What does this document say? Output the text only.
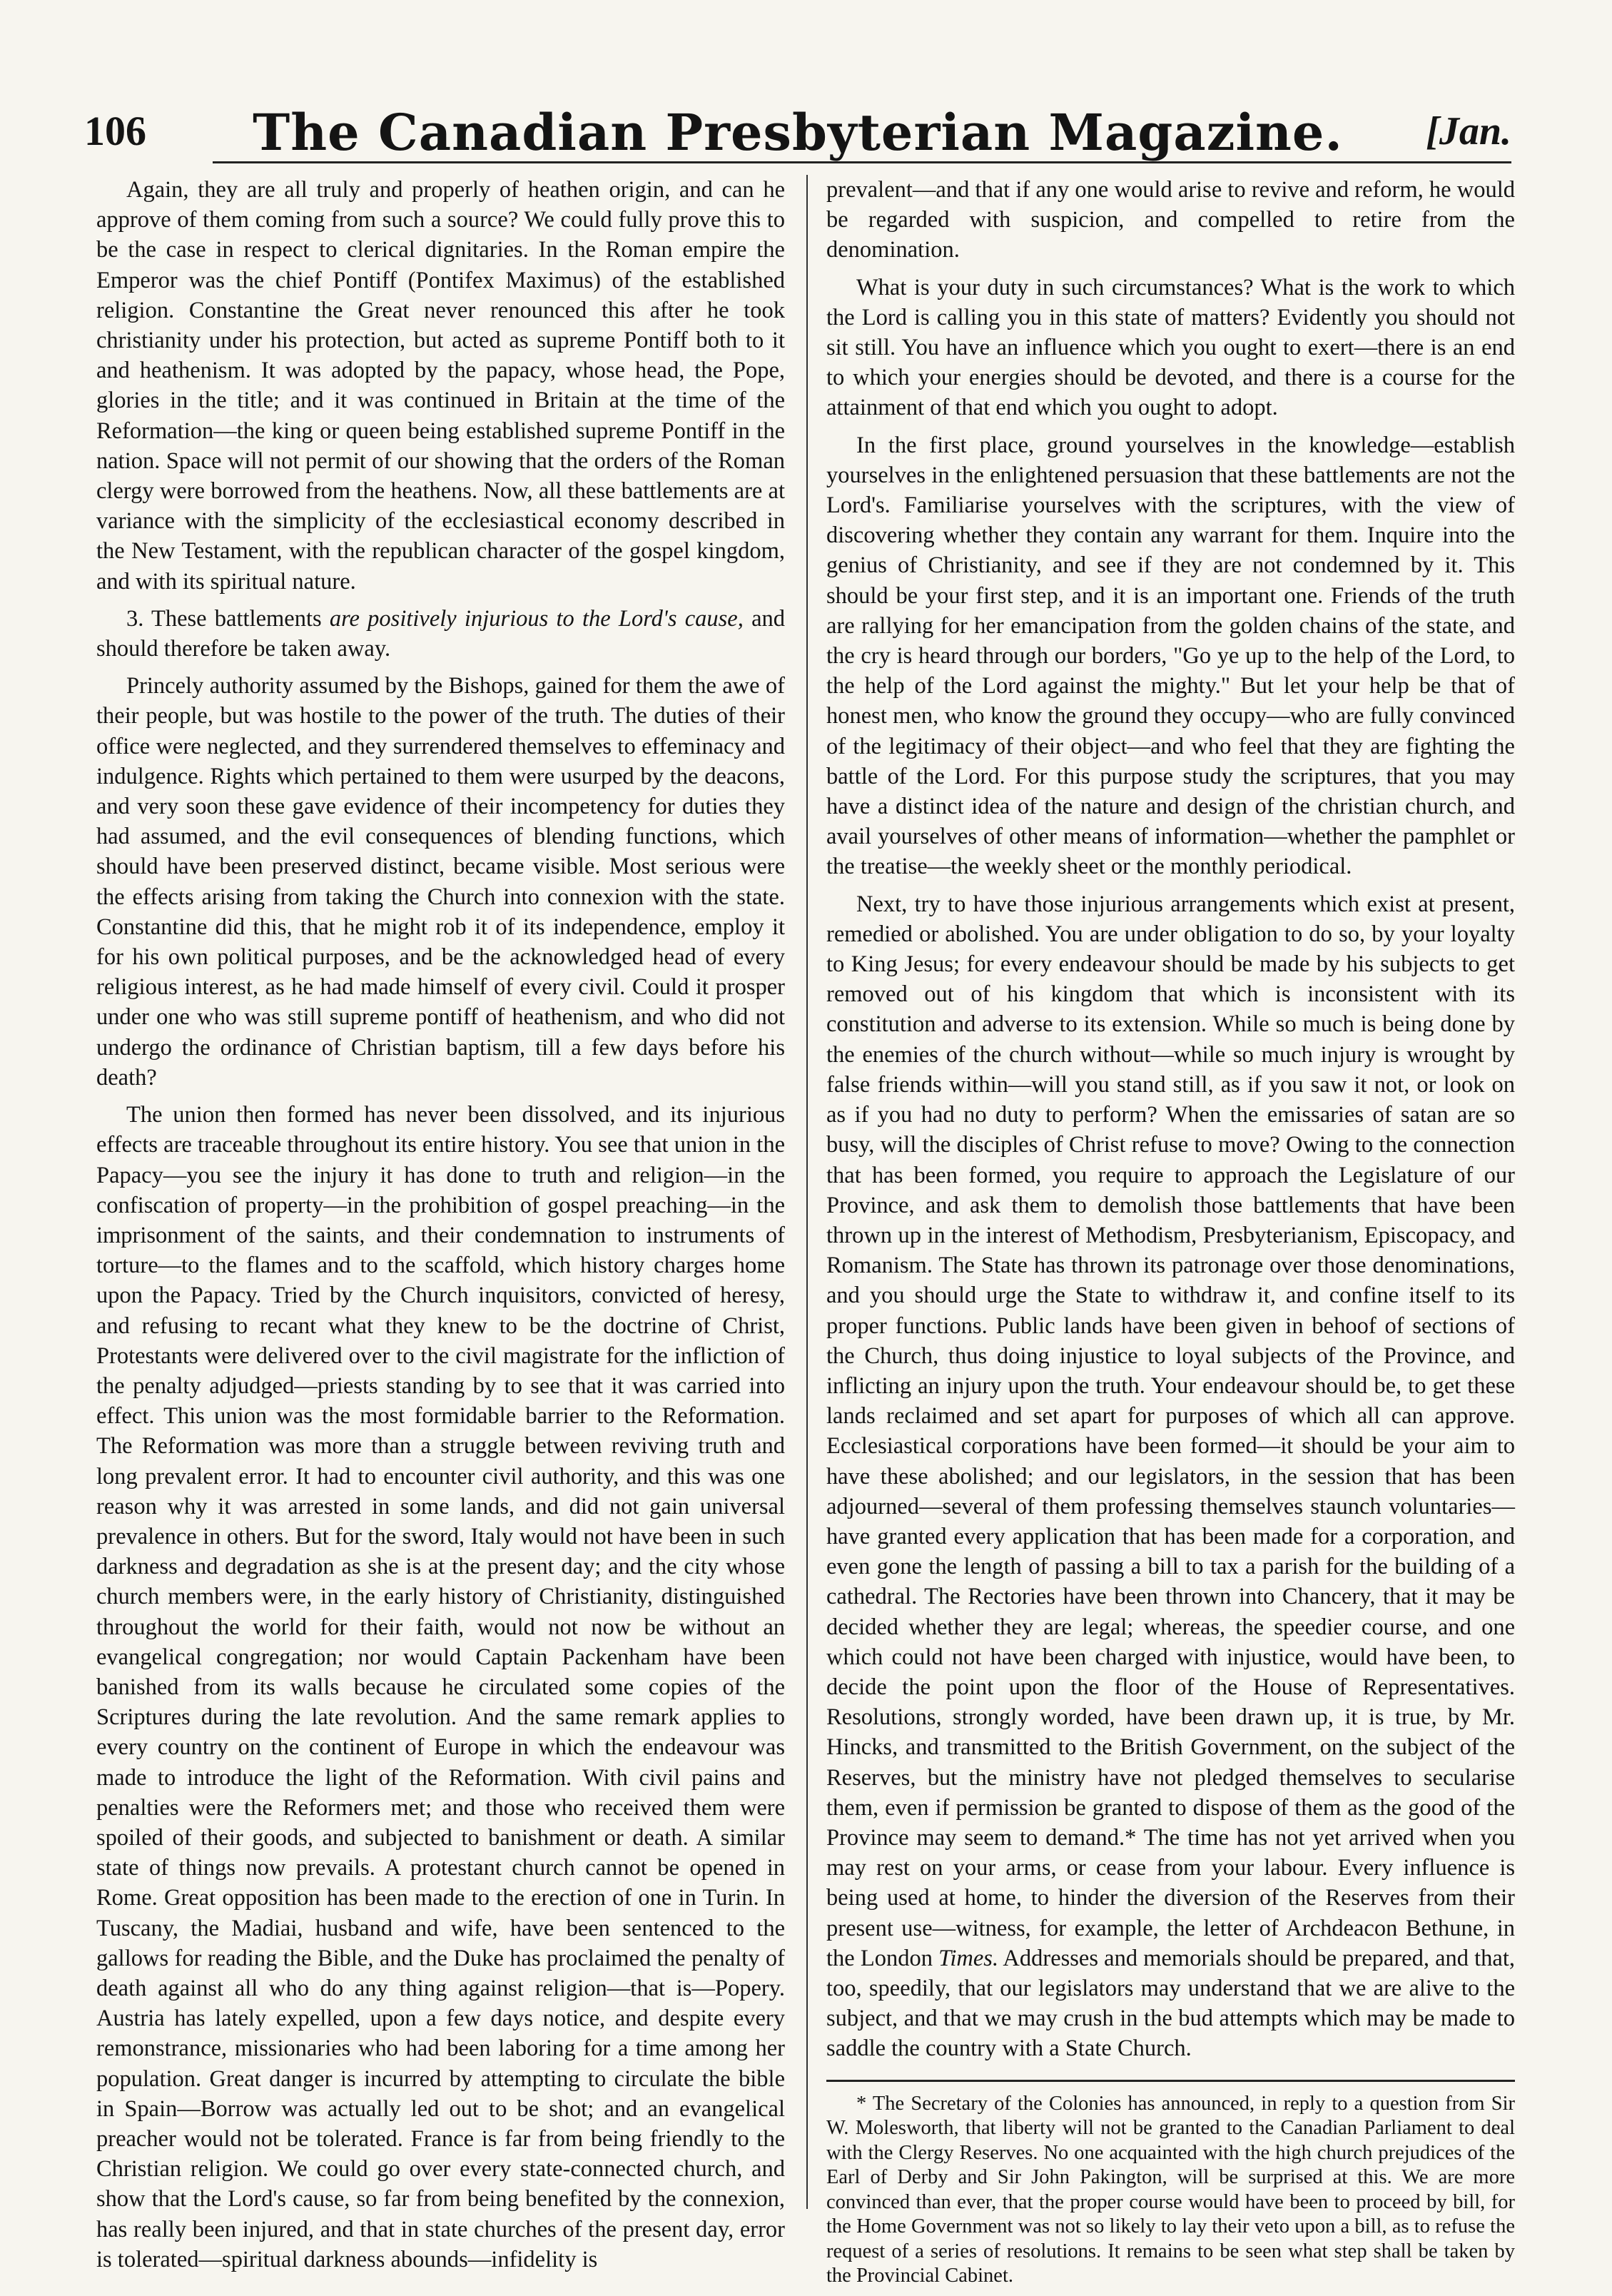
106	The Canadian Presbyterian Magazine.	[Jan.

Again, they are all truly and properly of heathen origin, and can he approve of them coming from such a source? We could fully prove this to be the case in respect to clerical dignitaries. In the Roman empire the Emperor was the chief Pontiff (Pontifex Maximus) of the established religion. Constantine the Great never renounced this after he took christianity under his protection, but acted as supreme Pontiff both to it and heathenism. It was adopted by the papacy, whose head, the Pope, glories in the title; and it was continued in Britain at the time of the Reformation—the king or queen being established supreme Pontiff in the nation. Space will not permit of our showing that the orders of the Roman clergy were borrowed from the heathens. Now, all these battlements are at variance with the simplicity of the ecclesiastical economy described in the New Testament, with the republican character of the gospel kingdom, and with its spiritual nature.

3. These battlements are positively injurious to the Lord's cause, and should therefore be taken away.

Princely authority assumed by the Bishops, gained for them the awe of their people, but was hostile to the power of the truth. The duties of their office were neglected, and they surrendered themselves to effeminacy and indulgence. Rights which pertained to them were usurped by the deacons, and very soon these gave evidence of their incompetency for duties they had assumed, and the evil consequences of blending functions, which should have been preserved distinct, became visible. Most serious were the effects arising from taking the Church into connexion with the state. Constantine did this, that he might rob it of its independence, employ it for his own political purposes, and be the acknowledged head of every religious interest, as he had made himself of every civil. Could it prosper under one who was still supreme pontiff of heathenism, and who did not undergo the ordinance of Christian baptism, till a few days before his death?

The union then formed has never been dissolved, and its injurious effects are traceable throughout its entire history. You see that union in the Papacy—you see the injury it has done to truth and religion—in the confiscation of property—in the prohibition of gospel preaching—in the imprisonment of the saints, and their condemnation to instruments of torture—to the flames and to the scaffold, which history charges home upon the Papacy. Tried by the Church inquisitors, convicted of heresy, and refusing to recant what they knew to be the doctrine of Christ, Protestants were delivered over to the civil magistrate for the infliction of the penalty adjudged—priests standing by to see that it was carried into effect. This union was the most formidable barrier to the Reformation. The Reformation was more than a struggle between reviving truth and long prevalent error. It had to encounter civil authority, and this was one reason why it was arrested in some lands, and did not gain universal prevalence in others. But for the sword, Italy would not have been in such darkness and degradation as she is at the present day; and the city whose church members were, in the early history of Christianity, distinguished throughout the world for their faith, would not now be without an evangelical congregation; nor would Captain Packenham have been banished from its walls because he circulated some copies of the Scriptures during the late revolution. And the same remark applies to every country on the continent of Europe in which the endeavour was made to introduce the light of the Reformation. With civil pains and penalties were the Reformers met; and those who received them were spoiled of their goods, and subjected to banishment or death. A similar state of things now prevails. A protestant church cannot be opened in Rome. Great opposition has been made to the erection of one in Turin. In Tuscany, the Madiai, husband and wife, have been sentenced to the gallows for reading the Bible, and the Duke has proclaimed the penalty of death against all who do any thing against religion—that is—Popery. Austria has lately expelled, upon a few days notice, and despite every remonstrance, missionaries who had been laboring for a time among her population. Great danger is incurred by attempting to circulate the bible in Spain—Borrow was actually led out to be shot; and an evangelical preacher would not be tolerated. France is far from being friendly to the Christian religion. We could go over every state-connected church, and show that the Lord's cause, so far from being benefited by the connexion, has really been injured, and that in state churches of the present day, error is tolerated—spiritual darkness abounds—infidelity is

prevalent—and that if any one would arise to revive and reform, he would be regarded with suspicion, and compelled to retire from the denomination.

What is your duty in such circumstances? What is the work to which the Lord is calling you in this state of matters? Evidently you should not sit still. You have an influence which you ought to exert—there is an end to which your energies should be devoted, and there is a course for the attainment of that end which you ought to adopt.

In the first place, ground yourselves in the knowledge—establish yourselves in the enlightened persuasion that these battlements are not the Lord's. Familiarise yourselves with the scriptures, with the view of discovering whether they contain any warrant for them. Inquire into the genius of Christianity, and see if they are not condemned by it. This should be your first step, and it is an important one. Friends of the truth are rallying for her emancipation from the golden chains of the state, and the cry is heard through our borders, "Go ye up to the help of the Lord, to the help of the Lord against the mighty." But let your help be that of honest men, who know the ground they occupy—who are fully convinced of the legitimacy of their object—and who feel that they are fighting the battle of the Lord. For this purpose study the scriptures, that you may have a distinct idea of the nature and design of the christian church, and avail yourselves of other means of information—whether the pamphlet or the treatise—the weekly sheet or the monthly periodical.

Next, try to have those injurious arrangements which exist at present, remedied or abolished. You are under obligation to do so, by your loyalty to King Jesus; for every endeavour should be made by his subjects to get removed out of his kingdom that which is inconsistent with its constitution and adverse to its extension. While so much is being done by the enemies of the church without—while so much injury is wrought by false friends within—will you stand still, as if you saw it not, or look on as if you had no duty to perform? When the emissaries of satan are so busy, will the disciples of Christ refuse to move? Owing to the connection that has been formed, you require to approach the Legislature of our Province, and ask them to demolish those battlements that have been thrown up in the interest of Methodism, Presbyterianism, Episcopacy, and Romanism. The State has thrown its patronage over those denominations, and you should urge the State to withdraw it, and confine itself to its proper functions. Public lands have been given in behoof of sections of the Church, thus doing injustice to loyal subjects of the Province, and inflicting an injury upon the truth. Your endeavour should be, to get these lands reclaimed and set apart for purposes of which all can approve. Ecclesiastical corporations have been formed—it should be your aim to have these abolished; and our legislators, in the session that has been adjourned—several of them professing themselves staunch voluntaries—have granted every application that has been made for a corporation, and even gone the length of passing a bill to tax a parish for the building of a cathedral. The Rectories have been thrown into Chancery, that it may be decided whether they are legal; whereas, the speedier course, and one which could not have been charged with injustice, would have been, to decide the point upon the floor of the House of Representatives. Resolutions, strongly worded, have been drawn up, it is true, by Mr. Hincks, and transmitted to the British Government, on the subject of the Reserves, but the ministry have not pledged themselves to secularise them, even if permission be granted to dispose of them as the good of the Province may seem to demand.* The time has not yet arrived when you may rest on your arms, or cease from your labour. Every influence is being used at home, to hinder the diversion of the Reserves from their present use—witness, for example, the letter of Archdeacon Bethune, in the London Times. Addresses and memorials should be prepared, and that, too, speedily, that our legislators may understand that we are alive to the subject, and that we may crush in the bud attempts which may be made to saddle the country with a State Church.

* The Secretary of the Colonies has announced, in reply to a question from Sir W. Molesworth, that liberty will not be granted to the Canadian Parliament to deal with the Clergy Reserves. No one acquainted with the high church prejudices of the Earl of Derby and Sir John Pakington, will be surprised at this. We are more convinced than ever, that the proper course would have been to proceed by bill, for the Home Government was not so likely to lay their veto upon a bill, as to refuse the request of a series of resolutions. It remains to be seen what step shall be taken by the Provincial Cabinet.
